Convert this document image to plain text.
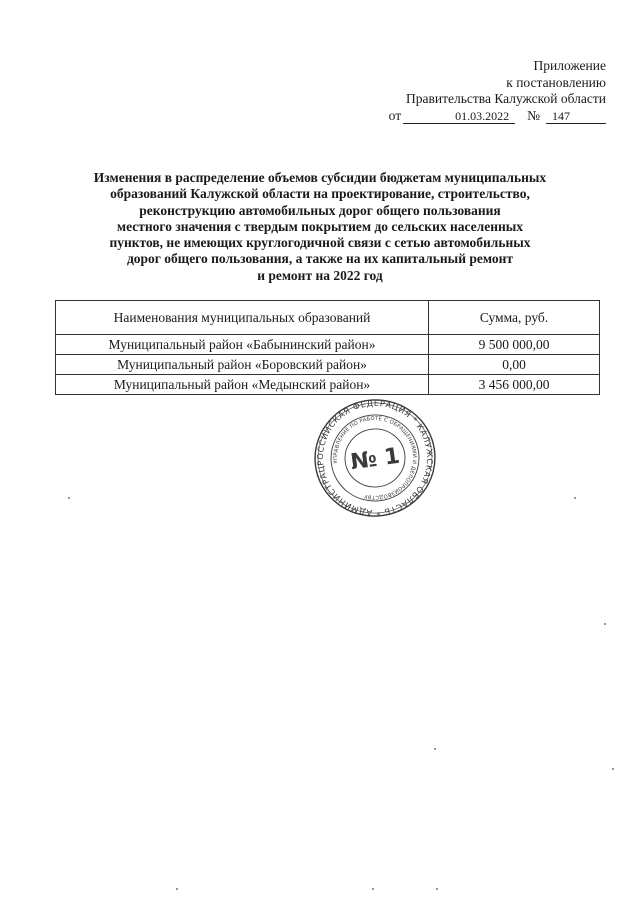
Приложение
к постановлению
Правительства Калужской области
от	01.03.2022	№	147
Изменения в распределение объемов субсидии бюджетам муниципальных
образований Калужской области на проектирование, строительство,
реконструкцию автомобильных дорог общего пользования
местного значения с твердым покрытием до сельских населенных
пунктов, не имеющих круглогодичной связи с сетью автомобильных
дорог общего пользования, а также на их капитальный ремонт
и ремонт на 2022 год
Наименования муниципальных образований	Сумма, руб.
Муниципальный район «Бабынинский район»	9 500 000,00
Муниципальный район «Боровский район»	0,00
Муниципальный район «Медынский район»	3 456 000,00
РОССИЙСКАЯ ФЕДЕРАЦИЯ * КАЛУЖСКАЯ ОБЛАСТЬ * АДМИНИСТРАЦИЯ
УПРАВЛЕНИЕ ПО РАБОТЕ С ОБРАЩЕНИЯМИ И ДЕЛОПРОИЗВОДСТВУ
№ 1
